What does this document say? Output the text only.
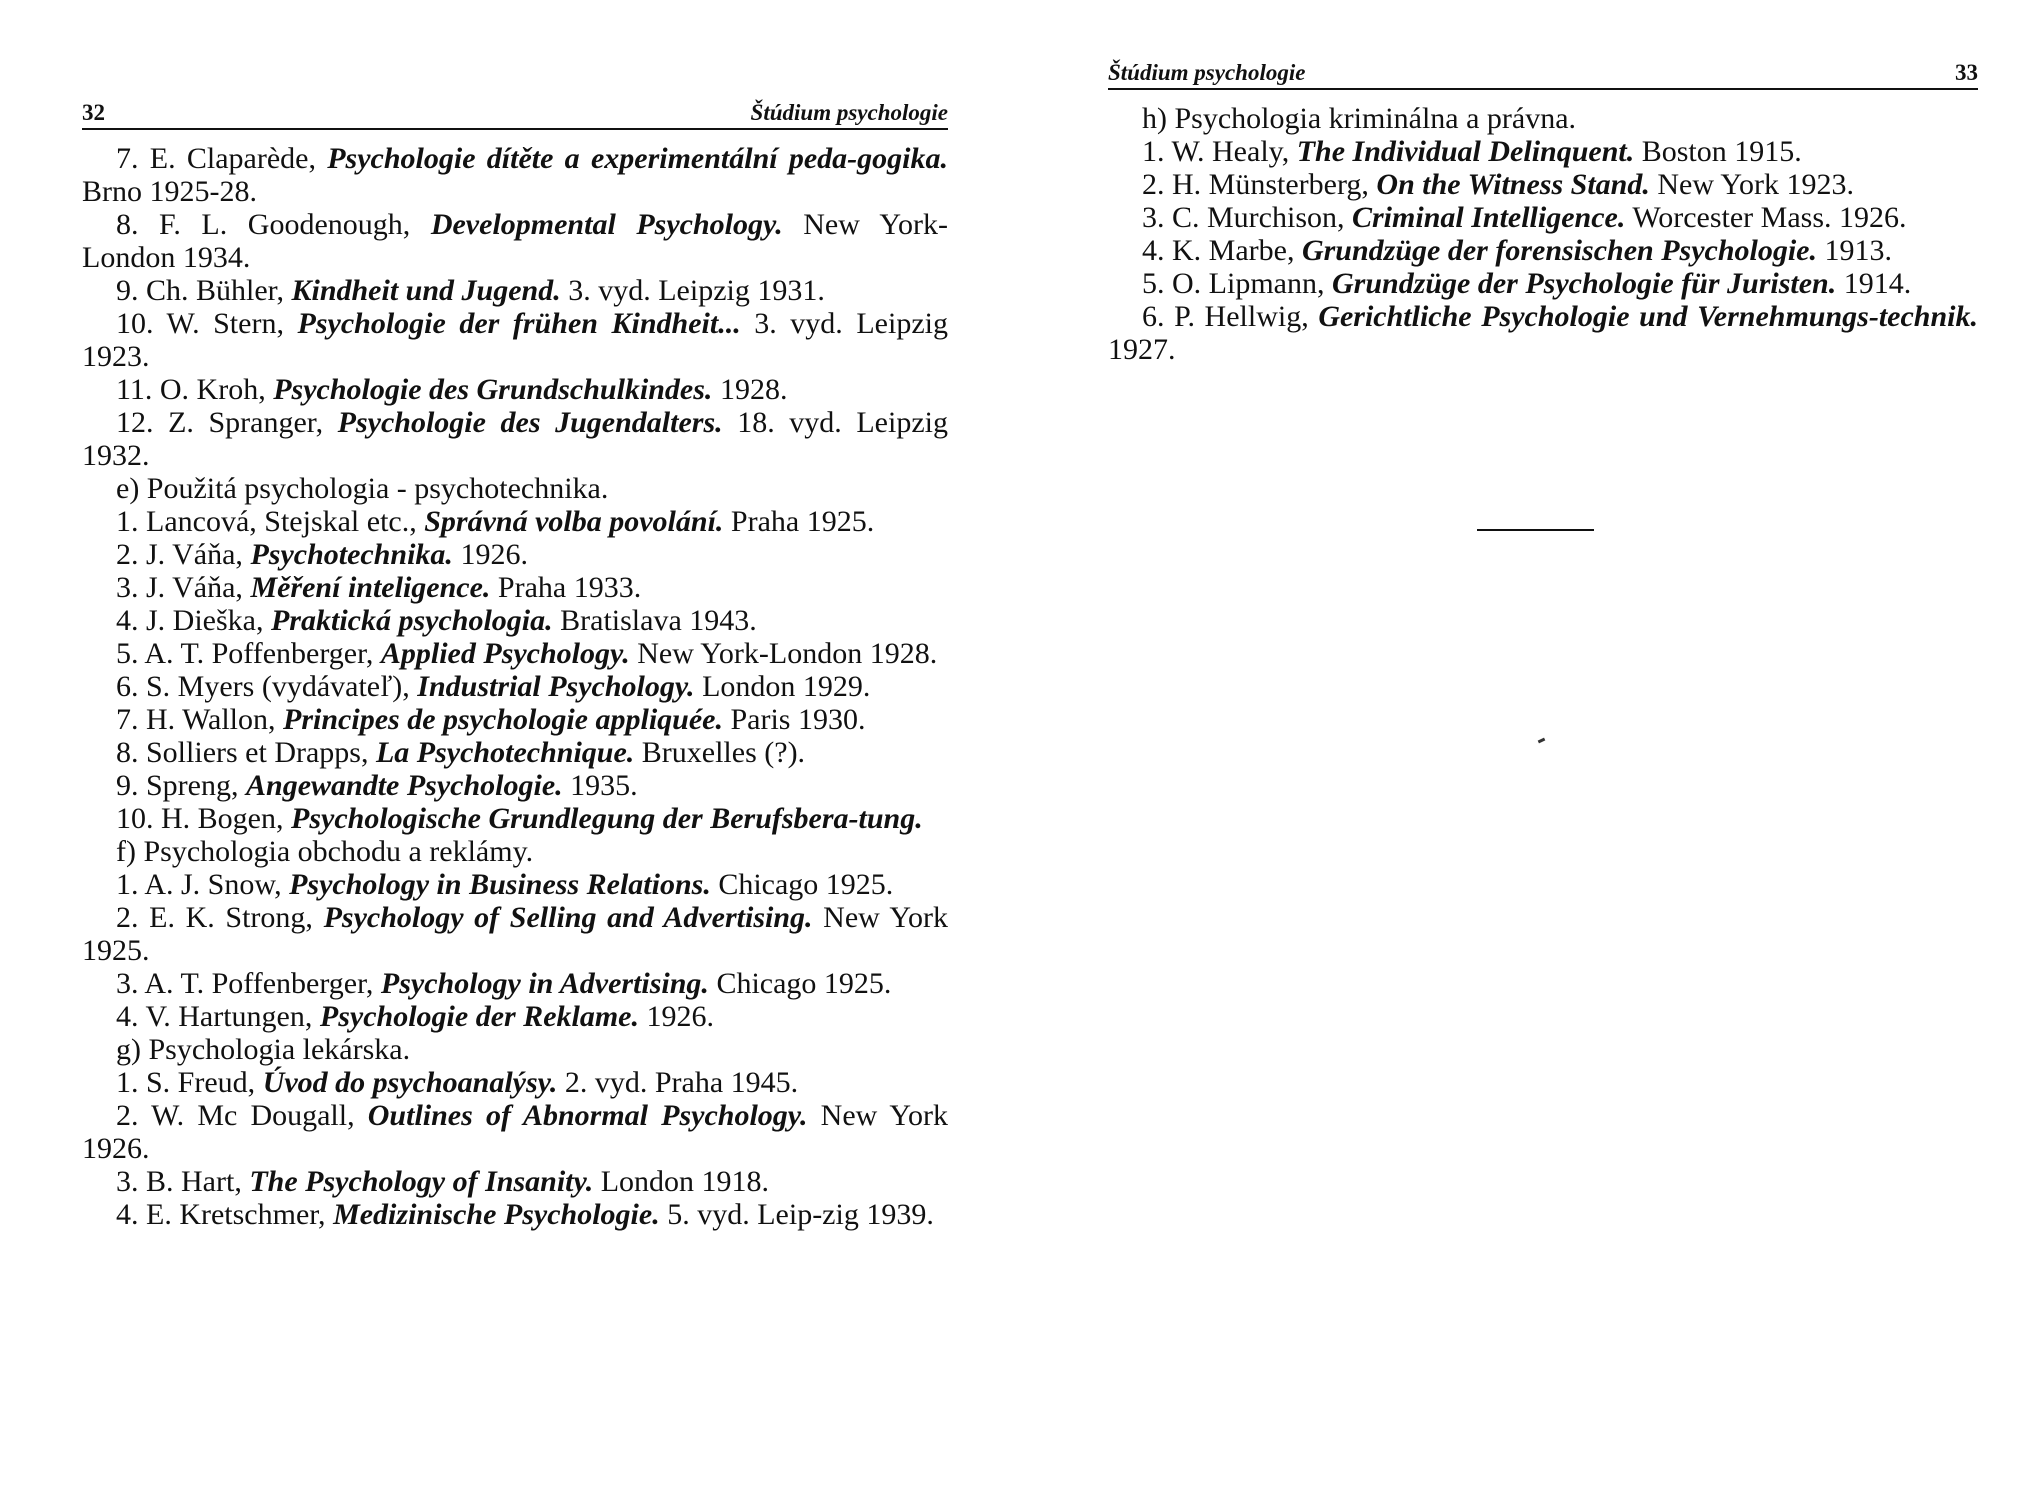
32	Štúdium psychologie

7. E. Claparède, Psychologie dítěte a experimentální peda-gogika. Brno 1925-28.

8. F. L. Goodenough, Developmental Psychology. New York-London 1934.

9. Ch. Bühler, Kindheit und Jugend. 3. vyd. Leipzig 1931.

10. W. Stern, Psychologie der frühen Kindheit... 3. vyd. Leipzig 1923.

11. O. Kroh, Psychologie des Grundschulkindes. 1928.

12. Z. Spranger, Psychologie des Jugendalters. 18. vyd. Leipzig 1932.

e) Použitá psychologia - psychotechnika.

1. Lancová, Stejskal etc., Správná volba povolání. Praha 1925.

2. J. Váňa, Psychotechnika. 1926.

3. J. Váňa, Měření inteligence. Praha 1933.

4. J. Dieška, Praktická psychologia. Bratislava 1943.

5. A. T. Poffenberger, Applied Psychology. New York-London 1928.

6. S. Myers (vydávateľ), Industrial Psychology. London 1929.

7. H. Wallon, Principes de psychologie appliquée. Paris 1930.

8. Solliers et Drapps, La Psychotechnique. Bruxelles (?).

9. Spreng, Angewandte Psychologie. 1935.

10. H. Bogen, Psychologische Grundlegung der Berufsbera-tung.

f) Psychologia obchodu a reklámy.

1. A. J. Snow, Psychology in Business Relations. Chicago 1925.

2. E. K. Strong, Psychology of Selling and Advertising. New York 1925.

3. A. T. Poffenberger, Psychology in Advertising. Chicago 1925.

4. V. Hartungen, Psychologie der Reklame. 1926.

g) Psychologia lekárska.

1. S. Freud, Úvod do psychoanalýsy. 2. vyd. Praha 1945.

2. W. Mc Dougall, Outlines of Abnormal Psychology. New York 1926.

3. B. Hart, The Psychology of Insanity. London 1918.

4. E. Kretschmer, Medizinische Psychologie. 5. vyd. Leip-zig 1939.

Štúdium psychologie	33

h) Psychologia kriminálna a právna.

1. W. Healy, The Individual Delinquent. Boston 1915.

2. H. Münsterberg, On the Witness Stand. New York 1923.

3. C. Murchison, Criminal Intelligence. Worcester Mass. 1926.

4. K. Marbe, Grundzüge der forensischen Psychologie. 1913.

5. O. Lipmann, Grundzüge der Psychologie für Juristen. 1914.

6. P. Hellwig, Gerichtliche Psychologie und Vernehmungs-technik. 1927.
